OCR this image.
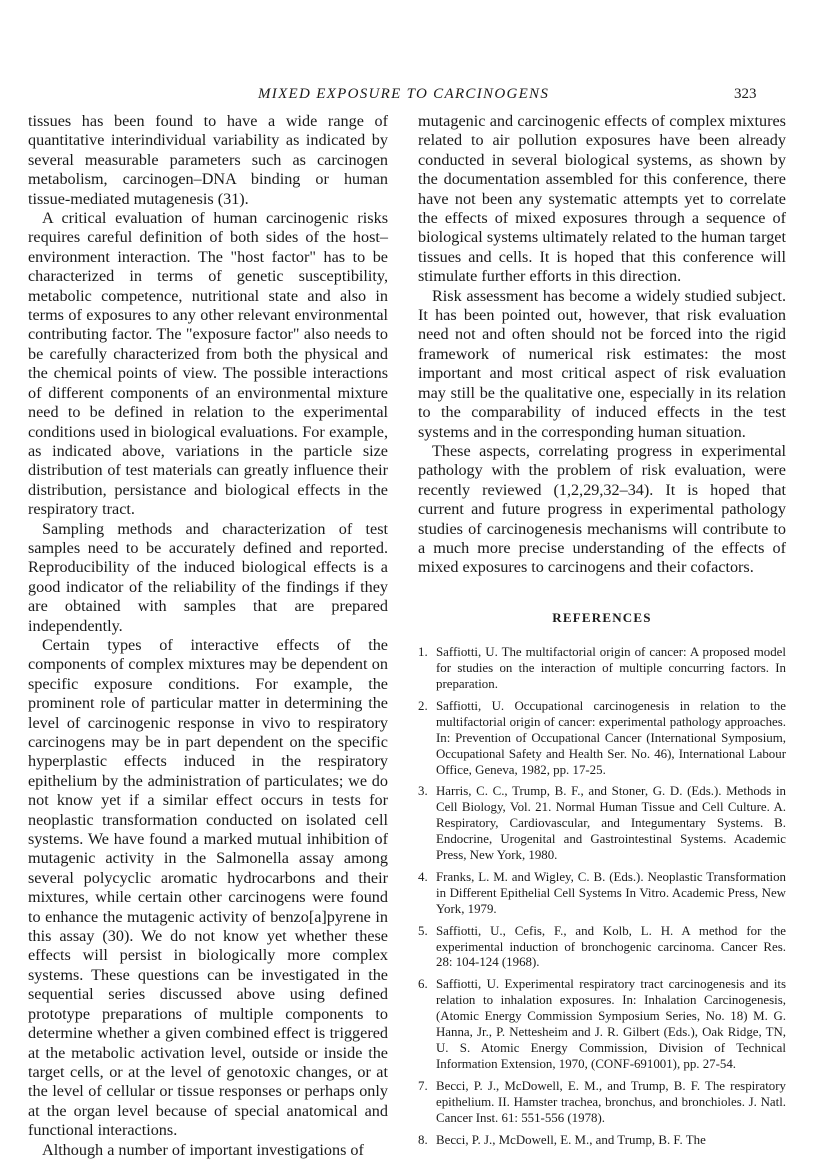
MIXED EXPOSURE TO CARCINOGENS	323

tissues has been found to have a wide range of quantitative interindividual variability as indicated by several measurable parameters such as carcinogen metabolism, carcinogen–DNA binding or human tissue-mediated mutagenesis (31).

A critical evaluation of human carcinogenic risks requires careful definition of both sides of the host–environment interaction. The "host factor" has to be characterized in terms of genetic susceptibility, metabolic competence, nutritional state and also in terms of exposures to any other relevant environmental contributing factor. The "exposure factor" also needs to be carefully characterized from both the physical and the chemical points of view. The possible interactions of different components of an environmental mixture need to be defined in relation to the experimental conditions used in biological evaluations. For example, as indicated above, variations in the particle size distribution of test materials can greatly influence their distribution, persistance and biological effects in the respiratory tract.

Sampling methods and characterization of test samples need to be accurately defined and reported. Reproducibility of the induced biological effects is a good indicator of the reliability of the findings if they are obtained with samples that are prepared independently.

Certain types of interactive effects of the components of complex mixtures may be dependent on specific exposure conditions. For example, the prominent role of particular matter in determining the level of carcinogenic response in vivo to respiratory carcinogens may be in part dependent on the specific hyperplastic effects induced in the respiratory epithelium by the administration of particulates; we do not know yet if a similar effect occurs in tests for neoplastic transformation conducted on isolated cell systems. We have found a marked mutual inhibition of mutagenic activity in the Salmonella assay among several polycyclic aromatic hydrocarbons and their mixtures, while certain other carcinogens were found to enhance the mutagenic activity of benzo[a]pyrene in this assay (30). We do not know yet whether these effects will persist in biologically more complex systems. These questions can be investigated in the sequential series discussed above using defined prototype preparations of multiple components to determine whether a given combined effect is triggered at the metabolic activation level, outside or inside the target cells, or at the level of genotoxic changes, or at the level of cellular or tissue responses or perhaps only at the organ level because of special anatomical and functional interactions.

Although a number of important investigations of

mutagenic and carcinogenic effects of complex mixtures related to air pollution exposures have been already conducted in several biological systems, as shown by the documentation assembled for this conference, there have not been any systematic attempts yet to correlate the effects of mixed exposures through a sequence of biological systems ultimately related to the human target tissues and cells. It is hoped that this conference will stimulate further efforts in this direction.

Risk assessment has become a widely studied subject. It has been pointed out, however, that risk evaluation need not and often should not be forced into the rigid framework of numerical risk estimates: the most important and most critical aspect of risk evaluation may still be the qualitative one, especially in its relation to the comparability of induced effects in the test systems and in the corresponding human situation.

These aspects, correlating progress in experimental pathology with the problem of risk evaluation, were recently reviewed (1,2,29,32–34). It is hoped that current and future progress in experimental pathology studies of carcinogenesis mechanisms will contribute to a much more precise understanding of the effects of mixed exposures to carcinogens and their cofactors.

REFERENCES
1. Saffiotti, U. The multifactorial origin of cancer: A proposed model for studies on the interaction of multiple concurring factors. In preparation.
2. Saffiotti, U. Occupational carcinogenesis in relation to the multifactorial origin of cancer: experimental pathology approaches. In: Prevention of Occupational Cancer (International Symposium, Occupational Safety and Health Ser. No. 46), International Labour Office, Geneva, 1982, pp. 17-25.
3. Harris, C. C., Trump, B. F., and Stoner, G. D. (Eds.). Methods in Cell Biology, Vol. 21. Normal Human Tissue and Cell Culture. A. Respiratory, Cardiovascular, and Integumentary Systems. B. Endocrine, Urogenital and Gastrointestinal Systems. Academic Press, New York, 1980.
4. Franks, L. M. and Wigley, C. B. (Eds.). Neoplastic Transformation in Different Epithelial Cell Systems In Vitro. Academic Press, New York, 1979.
5. Saffiotti, U., Cefis, F., and Kolb, L. H. A method for the experimental induction of bronchogenic carcinoma. Cancer Res. 28: 104-124 (1968).
6. Saffiotti, U. Experimental respiratory tract carcinogenesis and its relation to inhalation exposures. In: Inhalation Carcinogenesis, (Atomic Energy Commission Symposium Series, No. 18) M. G. Hanna, Jr., P. Nettesheim and J. R. Gilbert (Eds.), Oak Ridge, TN, U. S. Atomic Energy Commission, Division of Technical Information Extension, 1970, (CONF-691001), pp. 27-54.
7. Becci, P. J., McDowell, E. M., and Trump, B. F. The respiratory epithelium. II. Hamster trachea, bronchus, and bronchioles. J. Natl. Cancer Inst. 61: 551-556 (1978).
8. Becci, P. J., McDowell, E. M., and Trump, B. F. The
